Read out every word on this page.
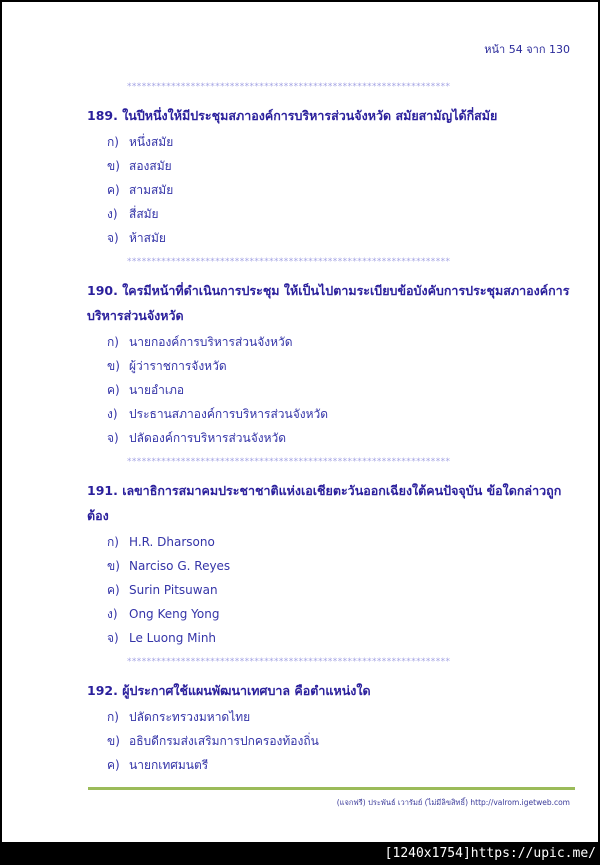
หน้า 54 จาก 130
******************************************************************
189. ในปีหนึ่งให้มีประชุมสภาองค์การบริหารส่วนจังหวัด สมัยสามัญได้กี่สมัย
ก) หนึ่งสมัย
ข) สองสมัย
ค) สามสมัย
ง) สี่สมัย
จ) ห้าสมัย
******************************************************************
190. ใครมีหน้าที่ดำเนินการประชุม ให้เป็นไปตามระเบียบข้อบังคับการประชุมสภาองค์การบริหารส่วนจังหวัด
ก) นายกองค์การบริหารส่วนจังหวัด
ข) ผู้ว่าราชการจังหวัด
ค) นายอำเภอ
ง) ประธานสภาองค์การบริหารส่วนจังหวัด
จ) ปลัดองค์การบริหารส่วนจังหวัด
******************************************************************
191. เลขาธิการสมาคมประชาชาติแห่งเอเชียตะวันออกเฉียงใต้คนปัจจุบัน ข้อใดกล่าวถูกต้อง
ก) H.R. Dharsono
ข) Narciso G. Reyes
ค) Surin Pitsuwan
ง) Ong Keng Yong
จ) Le Luong Minh
******************************************************************
192. ผู้ประกาศใช้แผนพัฒนาเทศบาล คือตำแหน่งใด
ก) ปลัดกระทรวงมหาดไทย
ข) อธิบดีกรมส่งเสริมการปกครองท้องถิ่น
ค) นายกเทศมนตรี
(แจกฟรี) ประพันธ์ เวารัมย์ (ไม่มีลิขสิทธิ์) http://valrom.igetweb.com
[1240x1754]https://upic.me/
